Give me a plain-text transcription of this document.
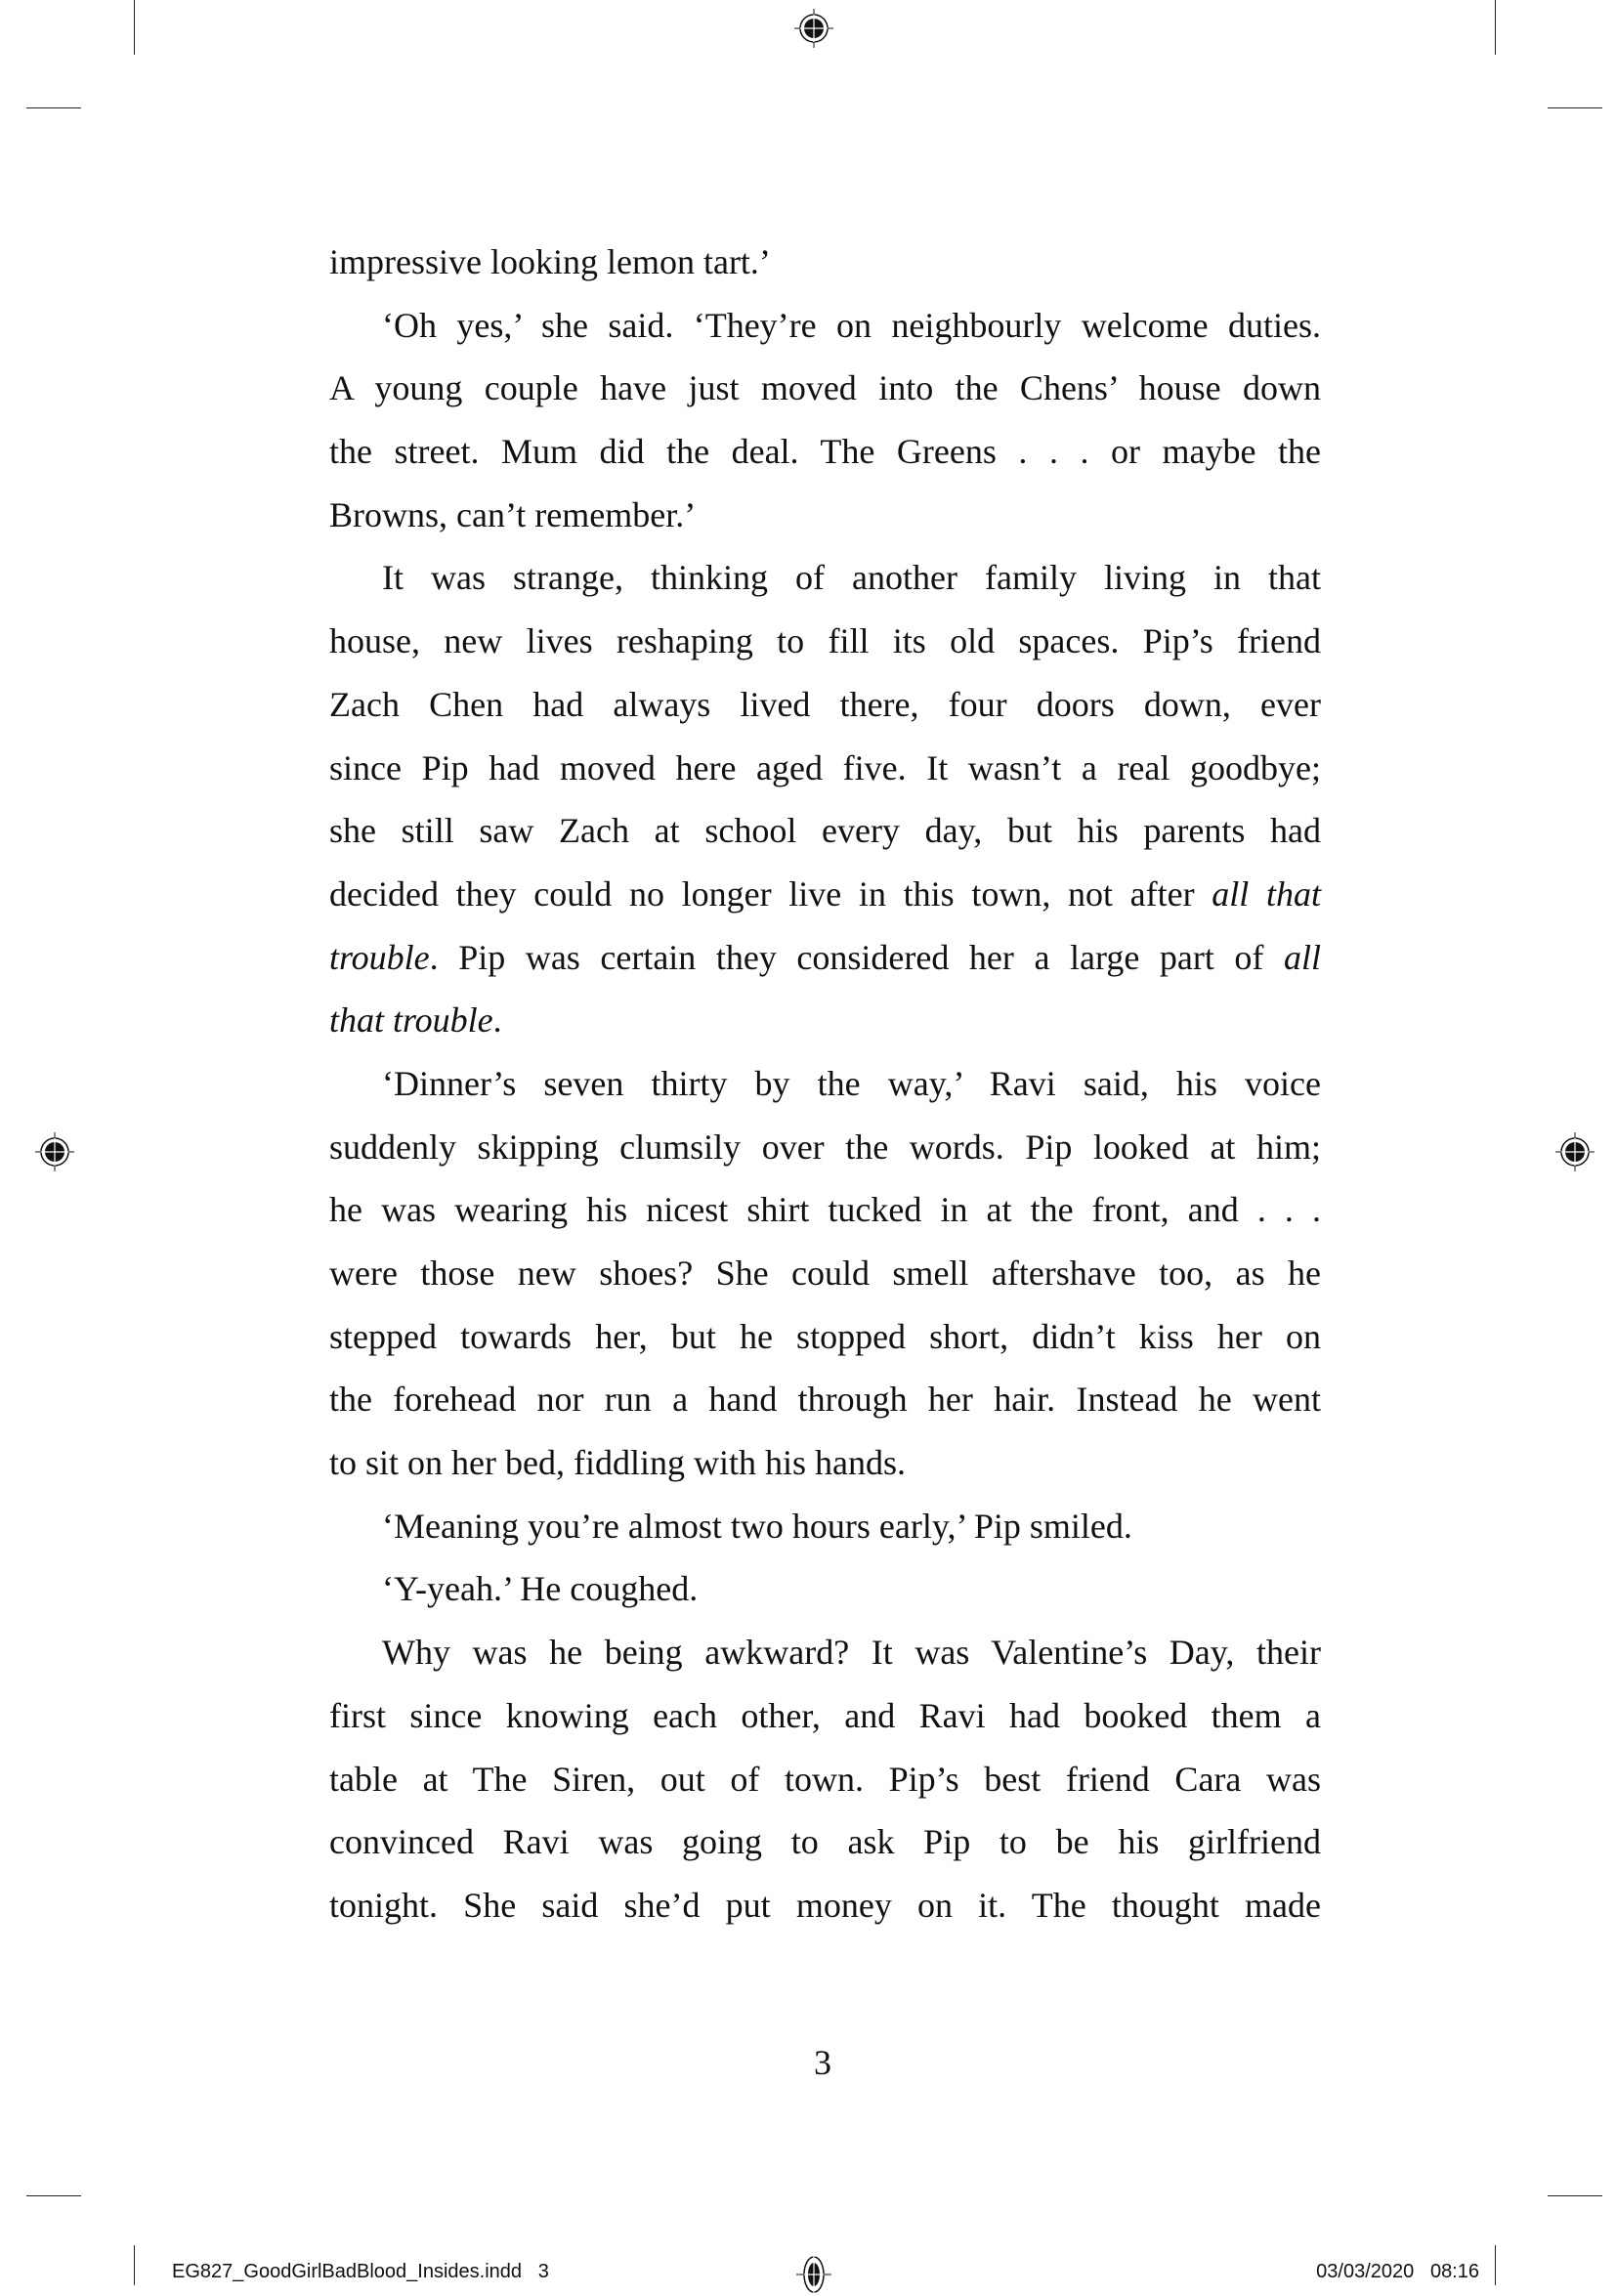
impressive looking lemon tart.’
‘Oh yes,’ she said. ‘They’re on neighbourly welcome duties.
A young couple have just moved into the Chens’ house down
the street. Mum did the deal. The Greens . . . or maybe the
Browns, can’t remember.’
It was strange, thinking of another family living in that
house, new lives reshaping to fill its old spaces. Pip’s friend
Zach Chen had always lived there, four doors down, ever
since Pip had moved here aged five. It wasn’t a real goodbye;
she still saw Zach at school every day, but his parents had
decided they could no longer live in this town, not after all that
trouble. Pip was certain they considered her a large part of all
that trouble.
‘Dinner’s seven thirty by the way,’ Ravi said, his voice
suddenly skipping clumsily over the words. Pip looked at him;
he was wearing his nicest shirt tucked in at the front, and . . .
were those new shoes? She could smell aftershave too, as he
stepped towards her, but he stopped short, didn’t kiss her on
the forehead nor run a hand through her hair. Instead he went
to sit on her bed, fiddling with his hands.
‘Meaning you’re almost two hours early,’ Pip smiled.
‘Y-yeah.’ He coughed.
Why was he being awkward? It was Valentine’s Day, their
first since knowing each other, and Ravi had booked them a
table at The Siren, out of town. Pip’s best friend Cara was
convinced Ravi was going to ask Pip to be his girlfriend
tonight. She said she’d put money on it. The thought made
3
EG827_GoodGirlBadBlood_Insides.indd   3	03/03/2020   08:16
